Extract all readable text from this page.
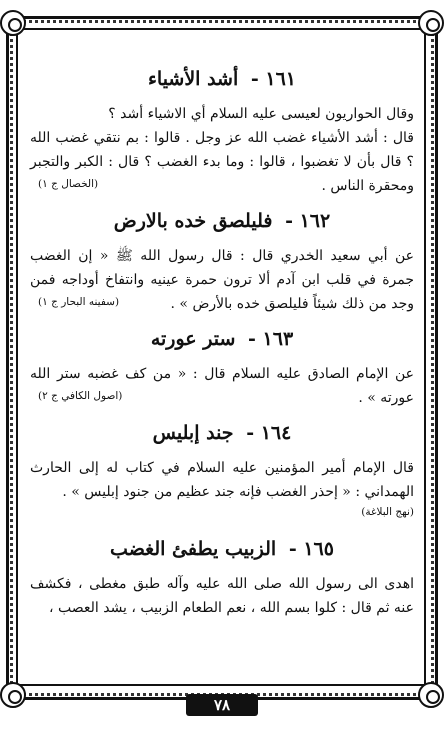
١٦١ - أشد الأشياء

وقال الحواريون لعيسى عليه السلام أي الاشياء أشد ؟

قال : أشد الأشياء غضب الله عز وجل . قالوا : بم نتقي غضب الله ؟ قال بأن لا تغضبوا ، قالوا : وما بدء الغضب ؟ قال : الكبر والتجبر ومحقرة الناس .

(الخصال ج ١)
١٦٢ - فليلصق خده بالارض

عن أبي سعيد الخدري قال : قال رسول الله ﷺ « إن الغضب جمرة في قلب ابن آدم ألا ترون حمرة عينيه وانتفاخ أوداجه فمن وجد من ذلك شيئاً فليلصق خده بالأرض » .

(سفينه البحار ج ١)
١٦٣ - ستر عورته

عن الإمام الصادق عليه السلام قال : « من كف غضبه ستر الله عورته » .

(اصول الكافي ج ٢)
١٦٤ - جند إبليس

قال الإمام أمير المؤمنين عليه السلام في كتاب له إلى الحارث الهمداني : « إحذر الغضب فإنه جند عظيم من جنود إبليس » .

(نهج البلاغة)
١٦٥ - الزبيب يطفئ الغضب

اهدى الى رسول الله صلى الله عليه وآله طبق مغطى ، فكشف عنه ثم قال : كلوا بسم الله ، نعم الطعام الزبيب ، يشد العصب ،

٧٨
